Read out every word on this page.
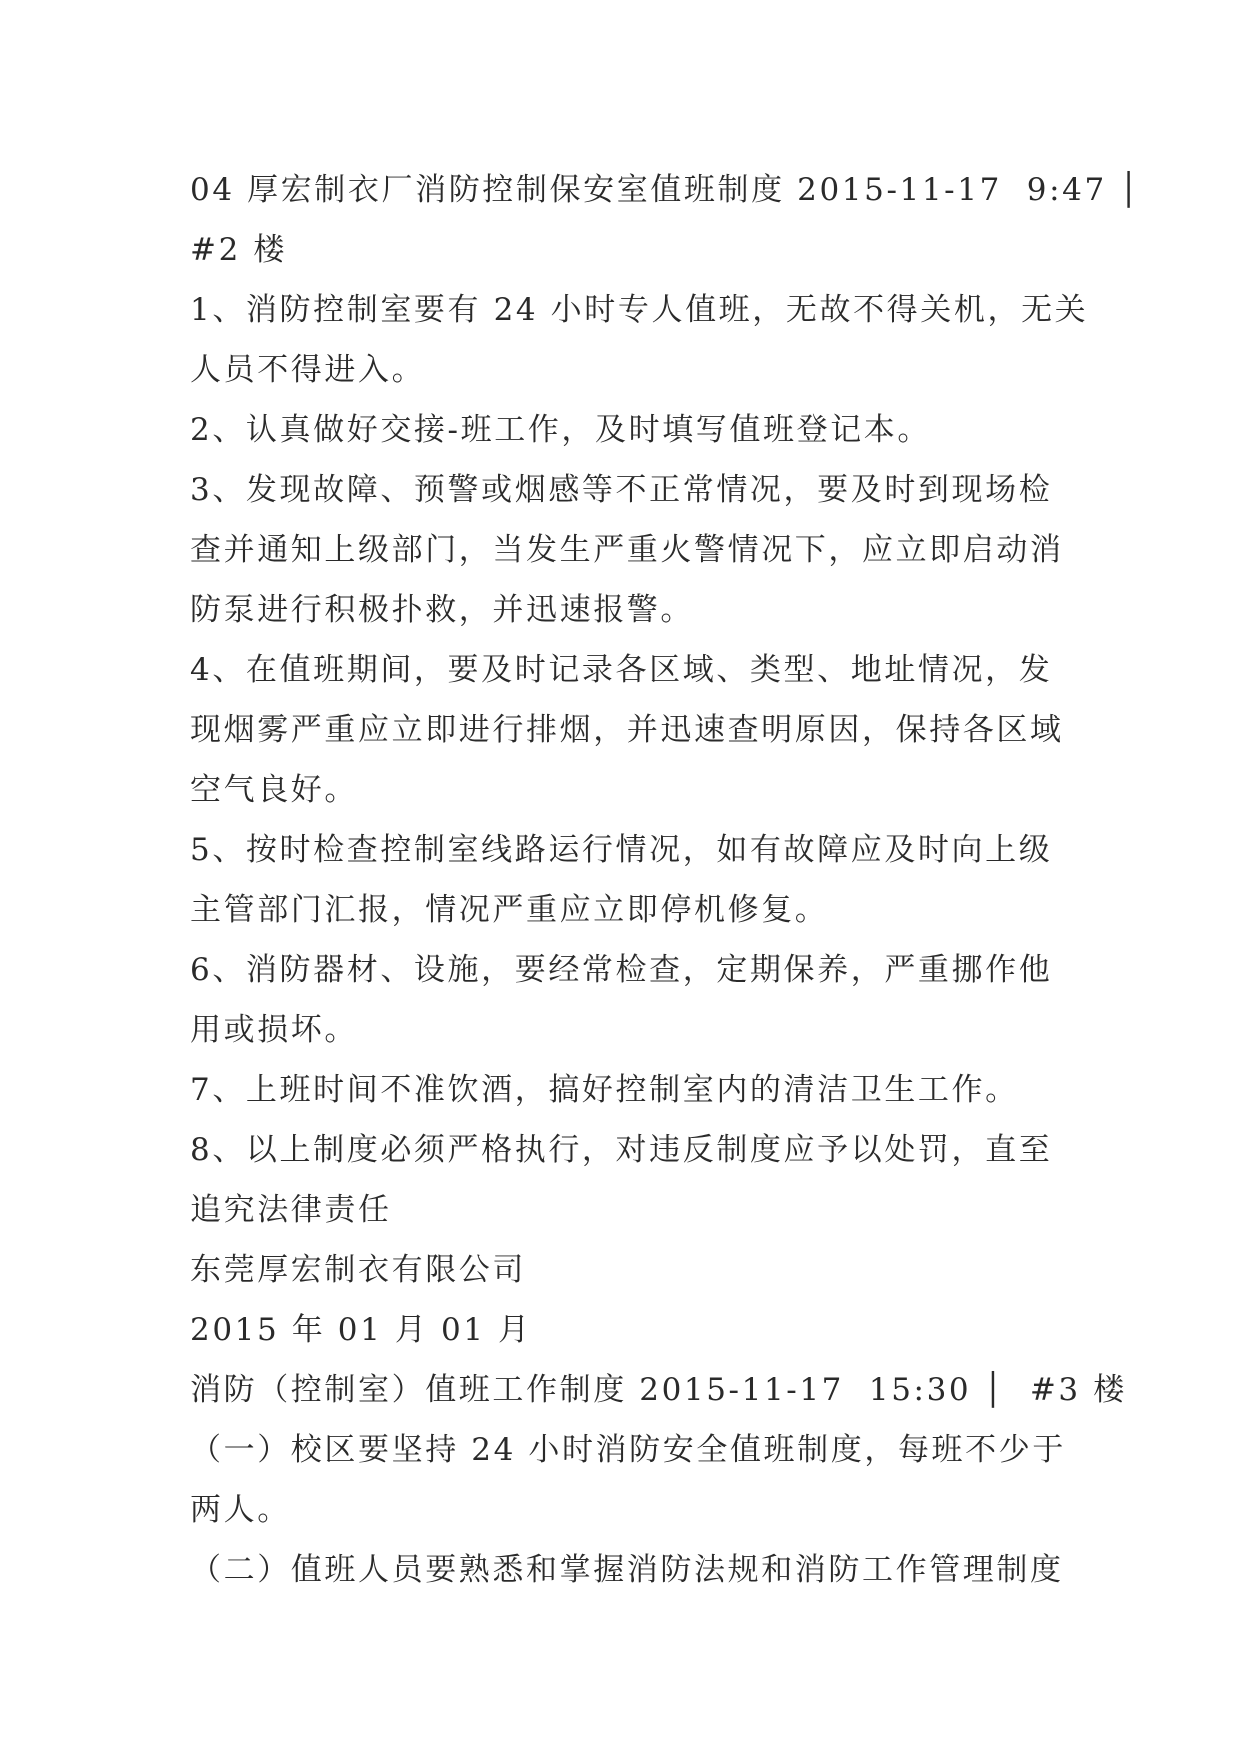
04 厚宏制衣厂消防控制保安室值班制度 2015-11-17  9:47 │
#2 楼
1、消防控制室要有 24 小时专人值班，无故不得关机，无关
人员不得进入。
2、认真做好交接-班工作，及时填写值班登记本。
3、发现故障、预警或烟感等不正常情况，要及时到现场检
查并通知上级部门，当发生严重火警情况下，应立即启动消
防泵进行积极扑救，并迅速报警。
4、在值班期间，要及时记录各区域、类型、地址情况，发
现烟雾严重应立即进行排烟，并迅速查明原因，保持各区域
空气良好。
5、按时检查控制室线路运行情况，如有故障应及时向上级
主管部门汇报，情况严重应立即停机修复。
6、消防器材、设施，要经常检查，定期保养，严重挪作他
用或损坏。
7、上班时间不准饮酒，搞好控制室内的清洁卫生工作。
8、以上制度必须严格执行，对违反制度应予以处罚，直至
追究法律责任
东莞厚宏制衣有限公司
2015 年 01 月 01 月
消防（控制室）值班工作制度 2015-11-17  15:30 │  #3 楼
（一）校区要坚持 24 小时消防安全值班制度，每班不少于
两人。
（二）值班人员要熟悉和掌握消防法规和消防工作管理制度
